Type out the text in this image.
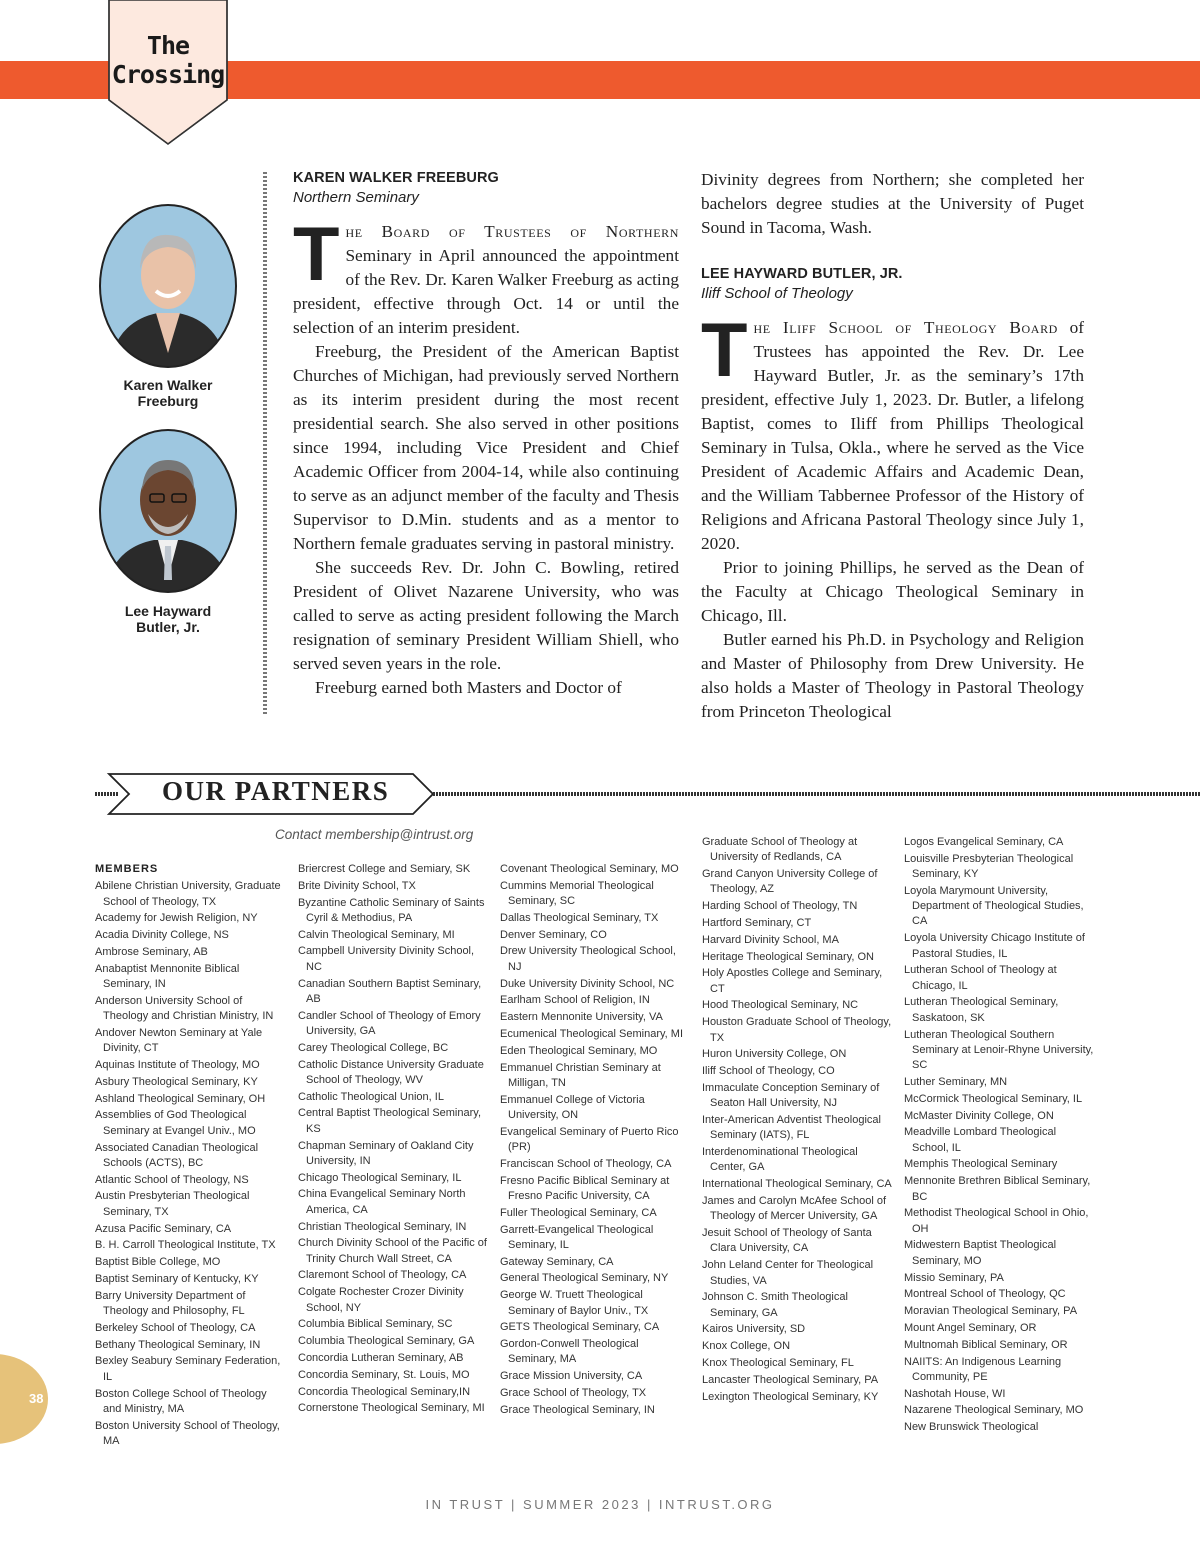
The
Crossing
Karen Walker
Freeburg
Lee Hayward
Butler, Jr.
KAREN WALKER FREEBURG
Northern Seminary

The Board of Trustees of Northern Seminary in April announced the appointment of the Rev. Dr. Karen Walker Freeburg as acting president, effective through Oct. 14 or until the selection of an interim president.

Freeburg, the President of the American Baptist Churches of Michigan, had previously served Northern as its interim president during the most recent presidential search. She also served in other positions since 1994, including Vice President and Chief Academic Officer from 2004-14, while also continuing to serve as an adjunct member of the faculty and Thesis Supervisor to D.Min. students and as a mentor to Northern female graduates serving in pastoral ministry.

She succeeds Rev. Dr. John C. Bowling, retired President of Olivet Nazarene University, who was called to serve as acting president following the March resignation of seminary President William Shiell, who served seven years in the role.

Freeburg earned both Masters and Doctor of

Divinity degrees from Northern; she completed her bachelors degree studies at the University of Puget Sound in Tacoma, Wash.

LEE HAYWARD BUTLER, JR.
Iliff School of Theology

The Iliff School of Theology Board of Trustees has appointed the Rev. Dr. Lee Hayward Butler, Jr. as the seminary’s 17th president, effective July 1, 2023. Dr. Butler, a lifelong Baptist, comes to Iliff from Phillips Theological Seminary in Tulsa, Okla., where he served as the Vice President of Academic Affairs and Academic Dean, and the William Tabbernee Professor of the History of Religions and Africana Pastoral Theology since July 1, 2020.

Prior to joining Phillips, he served as the Dean of the Faculty at Chicago Theological Seminary in Chicago, Ill.

Butler earned his Ph.D. in Psychology and Religion and Master of Philosophy from Drew University. He also holds a Master of Theology in Pastoral Theology from Princeton Theological

OUR PARTNERS
Contact membership@intrust.org
MEMBERS
Abilene Christian University, Graduate School of Theology, TX
Academy for Jewish Religion, NY
Acadia Divinity College, NS
Ambrose Seminary, AB
Anabaptist Mennonite Biblical Seminary, IN
Anderson University School of Theology and Christian Ministry, IN
Andover Newton Seminary at Yale Divinity, CT
Aquinas Institute of Theology, MO
Asbury Theological Seminary, KY
Ashland Theological Seminary, OH
Assemblies of God Theological Seminary at Evangel Univ., MO
Associated Canadian Theological Schools (ACTS), BC
Atlantic School of Theology, NS
Austin Presbyterian Theological Seminary, TX
Azusa Pacific Seminary, CA
B. H. Carroll Theological Institute, TX
Baptist Bible College, MO
Baptist Seminary of Kentucky, KY
Barry University Department of Theology and Philosophy, FL
Berkeley School of Theology, CA
Bethany Theological Seminary, IN
Bexley Seabury Seminary Federation, IL
Boston College School of Theology and Ministry, MA
Boston University School of Theology, MA
Briercrest College and Semiary, SK
Brite Divinity School, TX
Byzantine Catholic Seminary of Saints Cyril & Methodius, PA
Calvin Theological Seminary, MI
Campbell University Divinity School, NC
Canadian Southern Baptist Seminary, AB
Candler School of Theology of Emory University, GA
Carey Theological College, BC
Catholic Distance University Graduate School of Theology, WV
Catholic Theological Union, IL
Central Baptist Theological Seminary, KS
Chapman Seminary of Oakland City University, IN
Chicago Theological Seminary, IL
China Evangelical Seminary North America, CA
Christian Theological Seminary, IN
Church Divinity School of the Pacific of Trinity Church Wall Street, CA
Claremont School of Theology, CA
Colgate Rochester Crozer Divinity School, NY
Columbia Biblical Seminary, SC
Columbia Theological Seminary, GA
Concordia Lutheran Seminary, AB
Concordia Seminary, St. Louis, MO
Concordia Theological Seminary,IN
Cornerstone Theological Seminary, MI
Covenant Theological Seminary, MO
Cummins Memorial Theological Seminary, SC
Dallas Theological Seminary, TX
Denver Seminary, CO
Drew University Theological School, NJ
Duke University Divinity School, NC
Earlham School of Religion, IN
Eastern Mennonite University, VA
Ecumenical Theological Seminary, MI
Eden Theological Seminary, MO
Emmanuel Christian Seminary at Milligan, TN
Emmanuel College of Victoria University, ON
Evangelical Seminary of Puerto Rico (PR)
Franciscan School of Theology, CA
Fresno Pacific Biblical Seminary at Fresno Pacific University, CA
Fuller Theological Seminary, CA
Garrett-Evangelical Theological Seminary, IL
Gateway Seminary, CA
General Theological Seminary, NY
George W. Truett Theological Seminary of Baylor Univ., TX
GETS Theological Seminary, CA
Gordon-Conwell Theological Seminary, MA
Grace Mission University, CA
Grace School of Theology, TX
Grace Theological Seminary, IN
Graduate School of Theology at University of Redlands, CA
Grand Canyon University College of Theology, AZ
Harding School of Theology, TN
Hartford Seminary, CT
Harvard Divinity School, MA
Heritage Theological Seminary, ON
Holy Apostles College and Seminary, CT
Hood Theological Seminary, NC
Houston Graduate School of Theology, TX
Huron University College, ON
Iliff School of Theology, CO
Immaculate Conception Seminary of Seaton Hall University, NJ
Inter-American Adventist Theological Seminary (IATS), FL
Interdenominational Theological Center, GA
International Theological Seminary, CA
James and Carolyn McAfee School of Theology of Mercer University, GA
Jesuit School of Theology of Santa Clara University, CA
John Leland Center for Theological Studies, VA
Johnson C. Smith Theological Seminary, GA
Kairos University, SD
Knox College, ON
Knox Theological Seminary, FL
Lancaster Theological Seminary, PA
Lexington Theological Seminary, KY
Logos Evangelical Seminary, CA
Louisville Presbyterian Theological Seminary, KY
Loyola Marymount University, Department of Theological Studies, CA
Loyola University Chicago Institute of Pastoral Studies, IL
Lutheran School of Theology at Chicago, IL
Lutheran Theological Seminary, Saskatoon, SK
Lutheran Theological Southern Seminary at Lenoir-Rhyne University, SC
Luther Seminary, MN
McCormick Theological Seminary, IL
McMaster Divinity College, ON
Meadville Lombard Theological School, IL
Memphis Theological Seminary
Mennonite Brethren Biblical Seminary, BC
Methodist Theological School in Ohio, OH
Midwestern Baptist Theological Seminary, MO
Missio Seminary, PA
Montreal School of Theology, QC
Moravian Theological Seminary, PA
Mount Angel Seminary, OR
Multnomah Biblical Seminary, OR
NAIITS: An Indigenous Learning Community, PE
Nashotah House, WI
Nazarene Theological Seminary, MO
New Brunswick Theological
38
IN TRUST | SUMMER 2023 | INTRUST.ORG
